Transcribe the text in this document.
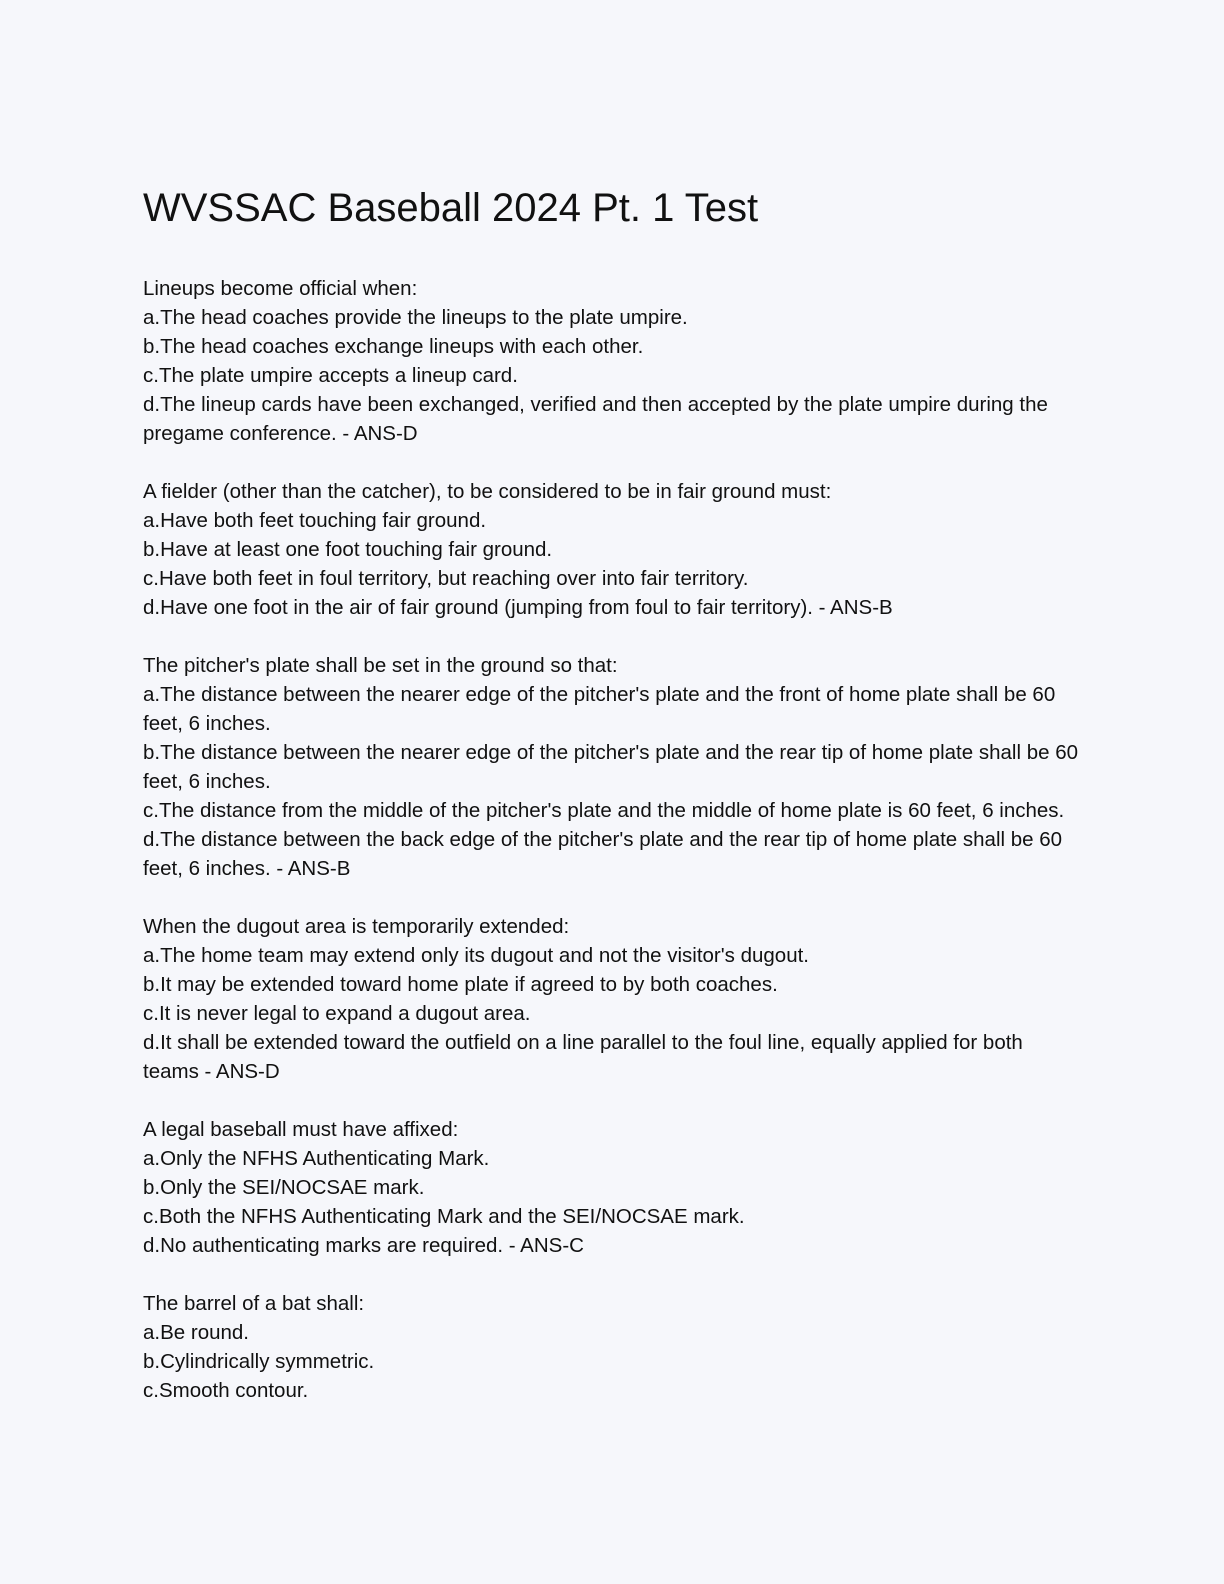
WVSSAC Baseball 2024 Pt. 1 Test
Lineups become official when:
a.The head coaches provide the lineups to the plate umpire.
b.The head coaches exchange lineups with each other.
c.The plate umpire accepts a lineup card.
d.The lineup cards have been exchanged, verified and then accepted by the plate umpire during the pregame conference. - ANS-D
A fielder (other than the catcher), to be considered to be in fair ground must:
a.Have both feet touching fair ground.
b.Have at least one foot touching fair ground.
c.Have both feet in foul territory, but reaching over into fair territory.
d.Have one foot in the air of fair ground (jumping from foul to fair territory). - ANS-B
The pitcher's plate shall be set in the ground so that:
a.The distance between the nearer edge of the pitcher's plate and the front of home plate shall be 60 feet, 6 inches.
b.The distance between the nearer edge of the pitcher's plate and the rear tip of home plate shall be 60 feet, 6 inches.
c.The distance from the middle of the pitcher's plate and the middle of home plate is 60 feet, 6 inches.
d.The distance between the back edge of the pitcher's plate and the rear tip of home plate shall be 60 feet, 6 inches. - ANS-B
When the dugout area is temporarily extended:
a.The home team may extend only its dugout and not the visitor's dugout.
b.It may be extended toward home plate if agreed to by both coaches.
c.It is never legal to expand a dugout area.
d.It shall be extended toward the outfield on a line parallel to the foul line, equally applied for both teams - ANS-D
A legal baseball must have affixed:
a.Only the NFHS Authenticating Mark.
b.Only the SEI/NOCSAE mark.
c.Both the NFHS Authenticating Mark and the SEI/NOCSAE mark.
d.No authenticating marks are required. - ANS-C
The barrel of a bat shall:
a.Be round.
b.Cylindrically symmetric.
c.Smooth contour.
